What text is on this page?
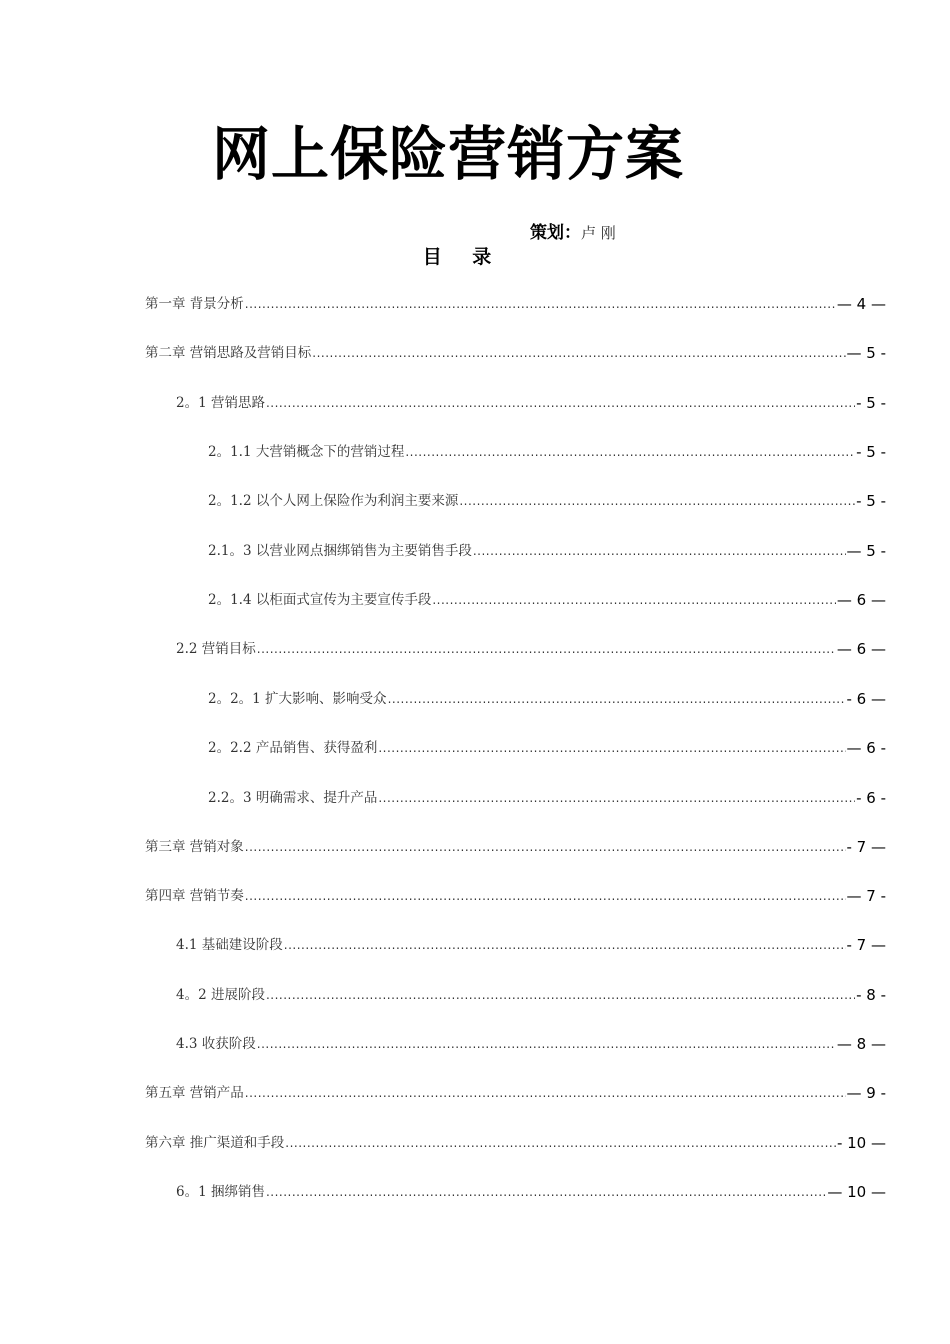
网上保险营销方案
策划：卢 刚
目 录
第一章 背景分析 .....	— 4 —
第二章 营销思路及营销目标 .....	— 5 -
2。1 营销思路 .....	- 5 -
2。1.1 大营销概念下的营销过程 .....	- 5 -
2。1.2 以个人网上保险作为利润主要来源 .....	- 5 -
2.1。3 以营业网点捆绑销售为主要销售手段 .....	— 5 -
2。1.4 以柜面式宣传为主要宣传手段 .....	— 6 —
2.2 营销目标 .....	— 6 —
2。2。1 扩大影响、影响受众 .....	- 6 —
2。2.2 产品销售、获得盈利 .....	— 6 -
2.2。3 明确需求、提升产品 .....	- 6 -
第三章 营销对象 .....	- 7 —
第四章 营销节奏 .....	— 7 -
4.1 基础建设阶段 .....	- 7 —
4。2 进展阶段 .....	- 8 -
4.3 收获阶段 .....	— 8 —
第五章 营销产品 .....	— 9 -
第六章 推广渠道和手段 .....	- 10 —
6。1 捆绑销售 .....	— 10 —
